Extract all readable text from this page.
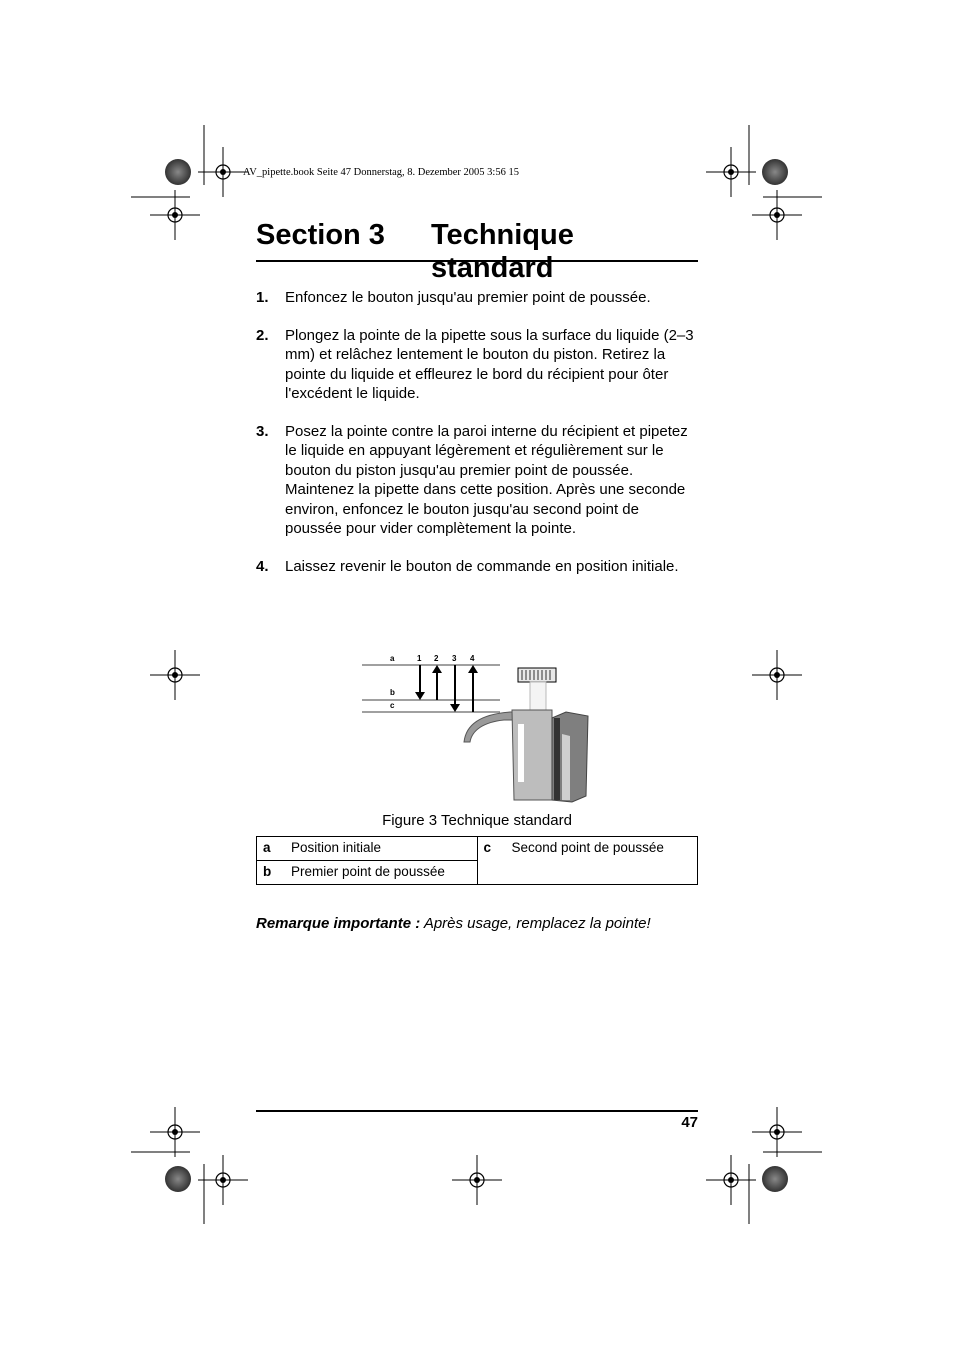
AV_pipette.book Seite 47 Donnerstag, 8. Dezember 2005 3:56 15
Section 3 Technique standard
1. Enfoncez le bouton jusqu'au premier point de poussée.
2. Plongez la pointe de la pipette sous la surface du liquide (2–3 mm) et relâchez lentement le bouton du piston. Retirez la pointe du liquide et effleurez le bord du récipient pour ôter l'excédent le liquide.
3. Posez la pointe contre la paroi interne du récipient et pipetez le liquide en appuyant légèrement et régulièrement sur le bouton du piston jusqu'au premier point de poussée. Maintenez la pipette dans cette position. Après une seconde environ, enfoncez le bouton jusqu'au second point de poussée pour vider complètement la pointe.
4. Laissez revenir le bouton de commande en position initiale.
a
b
c
1 2 3 4
Figure 3 Technique standard
a Position initiale	c Second point de poussée
b Premier point de poussée
Remarque importante : Après usage, remplacez la pointe!
47
